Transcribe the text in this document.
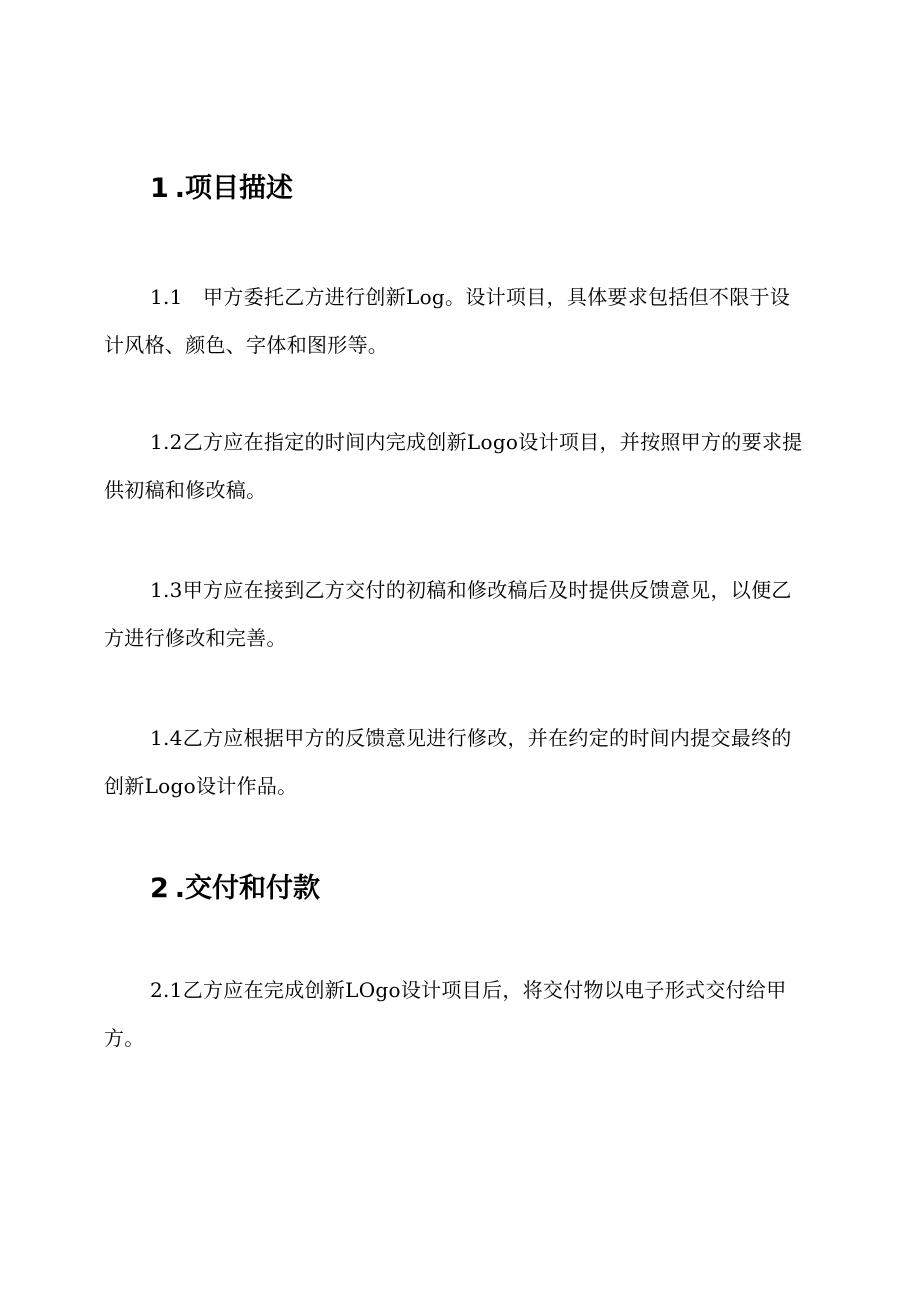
1 .项目描述

1.1　甲方委托乙方进行创新Log。设计项目，具体要求包括但不限于设计风格、颜色、字体和图形等。

1.2乙方应在指定的时间内完成创新Logo设计项目，并按照甲方的要求提供初稿和修改稿。

1.3甲方应在接到乙方交付的初稿和修改稿后及时提供反馈意见，以便乙方进行修改和完善。

1.4乙方应根据甲方的反馈意见进行修改，并在约定的时间内提交最终的创新Logo设计作品。

2 .交付和付款

2.1乙方应在完成创新LOgo设计项目后，将交付物以电子形式交付给甲方。
